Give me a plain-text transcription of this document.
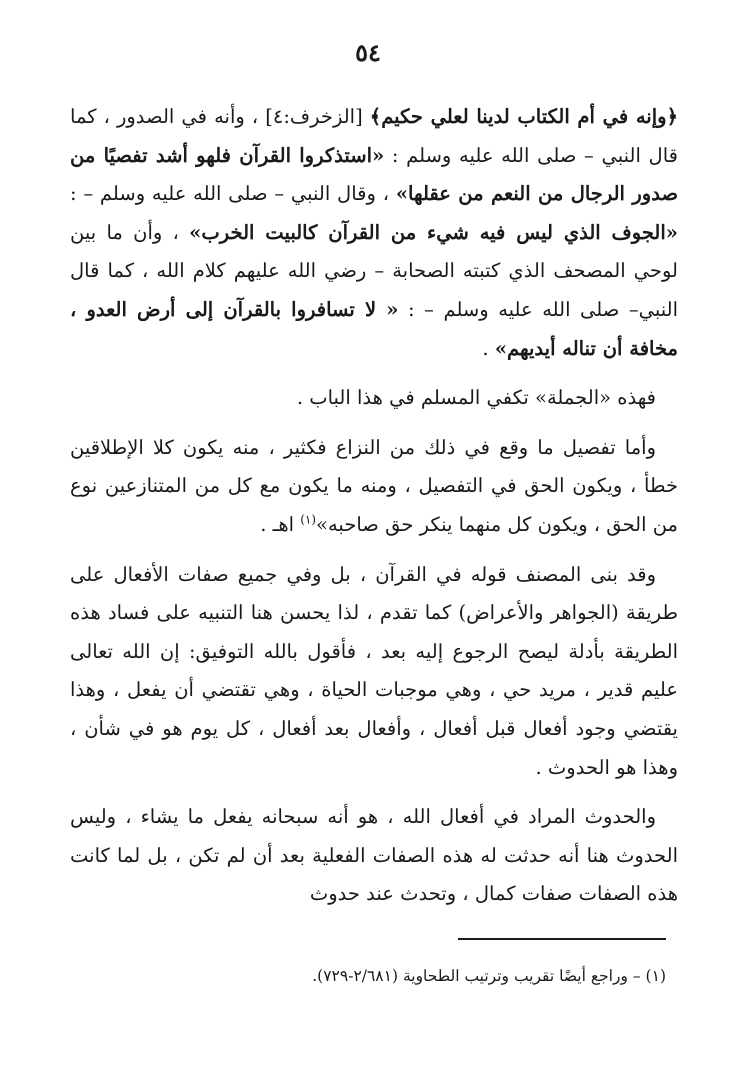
٥٤

﴿وإنه في أم الكتاب لدينا لعلي حكيم﴾ [الزخرف:٤] ، وأنه في الصدور ، كما قال النبي – صلى الله عليه وسلم : «استذكروا القرآن فلهو أشد تفصيًا من صدور الرجال من النعم من عقلها» ، وقال النبي – صلى الله عليه وسلم – : «الجوف الذي ليس فيه شيء من القرآن كالبيت الخرب» ، وأن ما بين لوحي المصحف الذي كتبته الصحابة – رضي الله عليهم كلام الله ، كما قال النبي– صلى الله عليه وسلم – : « لا تسافروا بالقرآن إلى أرض العدو ، مخافة أن تناله أيديهم» .

فهذه «الجملة» تكفي المسلم في هذا الباب .

وأما تفصيل ما وقع في ذلك من النزاع فكثير ، منه يكون كلا الإطلاقين خطأ ، ويكون الحق في التفصيل ، ومنه ما يكون مع كل من المتنازعين نوع من الحق ، ويكون كل منهما ينكر حق صاحبه»$^{(١)}$ اهـ .

وقد بنى المصنف قوله في القرآن ، بل وفي جميع صفات الأفعال على طريقة (الجواهر والأعراض) كما تقدم ، لذا يحسن هنا التنبيه على فساد هذه الطريقة بأدلة ليصح الرجوع إليه بعد ، فأقول بالله التوفيق: إن الله تعالى عليم قدير ، مريد حي ، وهي موجبات الحياة ، وهي تقتضي أن يفعل ، وهذا يقتضي وجود أفعال قبل أفعال ، وأفعال بعد أفعال ، كل يوم هو في شأن ، وهذا هو الحدوث .

والحدوث المراد في أفعال الله ، هو أنه سبحانه يفعل ما يشاء ، وليس الحدوث هنا أنه حدثت له هذه الصفات الفعلية بعد أن لم تكن ، بل لما كانت هذه الصفات صفات كمال ، وتحدث عند حدوث

(١) – وراجع أيضًا تقريب وترتيب الطحاوية (٢/٦٨١-٧٢٩).
